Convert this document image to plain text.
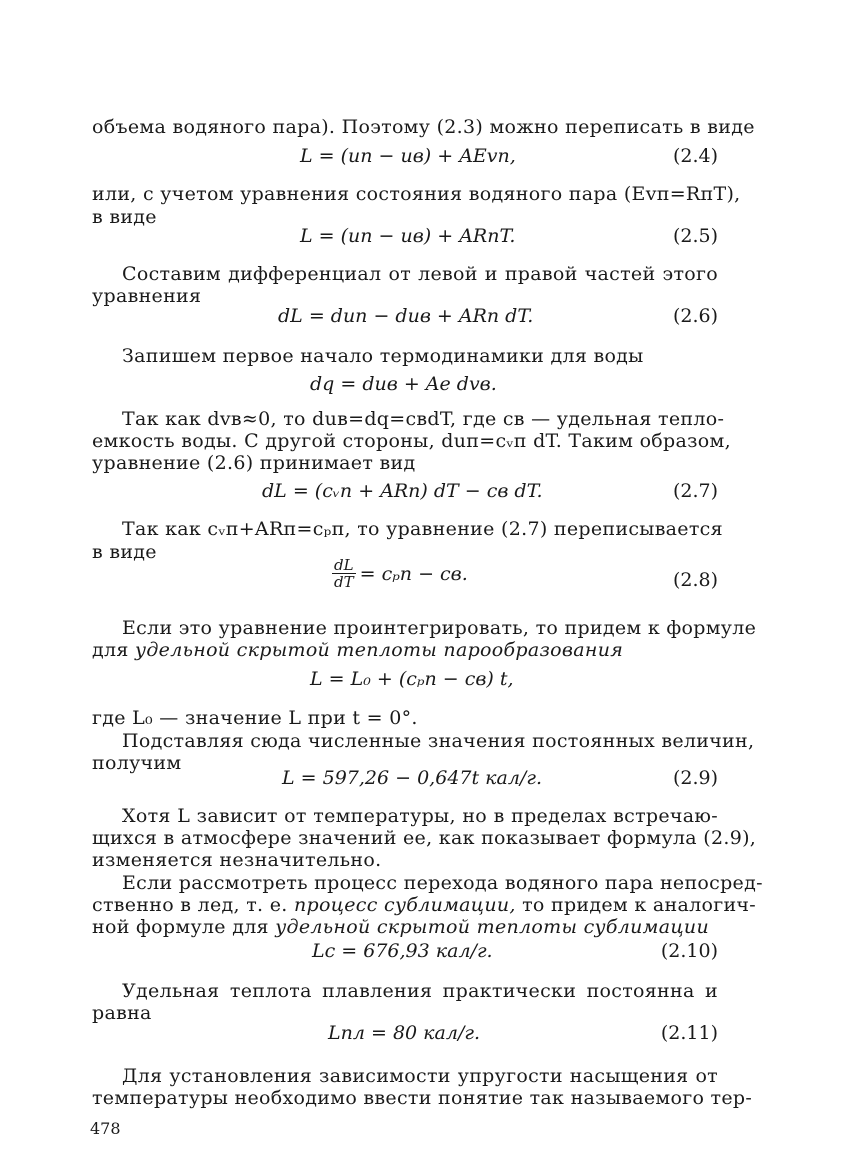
объема водяного пара). Поэтому (2.3) можно переписать в виде
L = (uп − uв) + AEvп,	(2.4)
или, с учетом уравнения состояния водяного пара (Evп=RпT),
в виде
L = (uп − uв) + ARпT.	(2.5)
Составим дифференциал от левой и правой частей этого
уравнения
dL = duп − duв + ARп dT.	(2.6)
Запишем первое начало термодинамики для воды
dq = duв + Ae dvв.
Так как dvв≈0, то duв=dq=cвdT, где cв — удельная тепло-
емкость воды. С другой стороны, duп=cᵥп dT. Таким образом,
уравнение (2.6) принимает вид
dL = (cᵥп + ARп) dT − cв dT.	(2.7)
Так как cᵥп+ARп=cₚп, то уравнение (2.7) переписывается
в виде
$\frac{dL}{dT} = c_pп$ − cв.	(2.8)
Если это уравнение проинтегрировать, то придем к формуле
для удельной скрытой теплоты парообразования
L = L₀ + (cₚп − cв) t,
где L₀ — значение L при t = 0°.
Подставляя сюда численные значения постоянных величин,
получим
L = 597,26 − 0,647t кал/г.	(2.9)
Хотя L зависит от температуры, но в пределах встречаю-
щихся в атмосфере значений ее, как показывает формула (2.9),
изменяется незначительно.
Если рассмотреть процесс перехода водяного пара непосред-
ственно в лед, т. е. процесс сублимации, то придем к аналогич-
ной формуле для удельной скрытой теплоты сублимации
Lс = 676,93 кал/г.	(2.10)
Удельная теплота плавления практически постоянна и
равна
Lпл = 80 кал/г.	(2.11)
Для установления зависимости упругости насыщения от
температуры необходимо ввести понятие так называемого тер-
478
